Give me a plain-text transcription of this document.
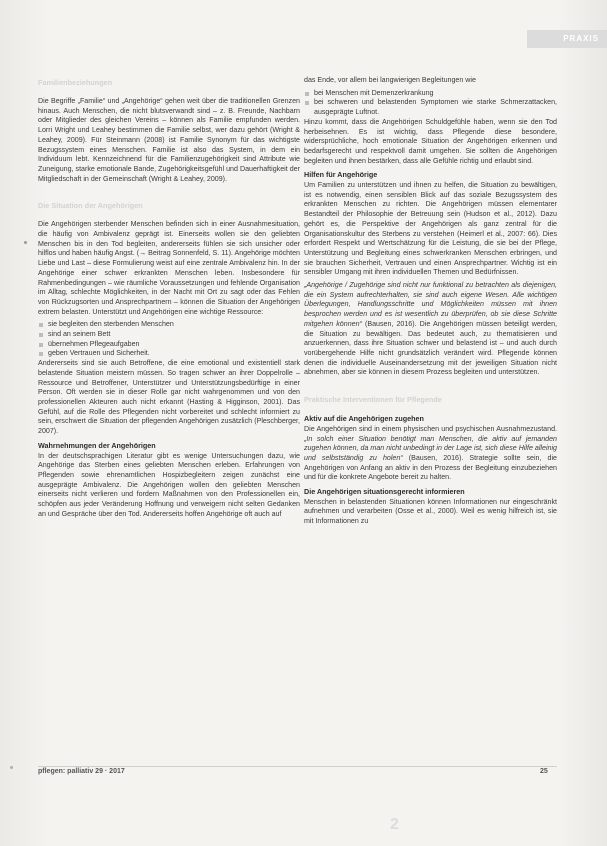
PRAXIS
Familienbeziehungen

Die Begriffe „Familie“ und „Angehörige“ gehen weit über die traditionellen Grenzen hinaus. Auch Menschen, die nicht blutsverwandt sind – z. B. Freunde, Nachbarn oder Mitglieder des gleichen Vereins – können als Familie empfunden werden. Lorri Wright und Leahey bestimmen die Familie selbst, wer dazu gehört (Wright & Leahey, 2009). Für Steinmann (2008) ist Familie Synonym für das wichtigste Bezugssystem eines Menschen. Familie ist also das System, in dem ein Individuum lebt. Kennzeichnend für die Familienzugehörigkeit sind Attribute wie Zuneigung, starke emotionale Bande, Zugehörigkeitsgefühl und Dauerhaftigkeit der Mitgliedschaft in der Gemeinschaft (Wright & Leahey, 2009).

Die Situation der Angehörigen

Die Angehörigen sterbender Menschen befinden sich in einer Ausnahmesituation, die häufig von Ambivalenz geprägt ist. Einerseits wollen sie den geliebten Menschen bis in den Tod begleiten, andererseits fühlen sie sich unsicher oder hilflos und haben häufig Angst. (→ Beitrag Sonnenfeld, S. 11). Angehörige möchten Liebe und Last – diese Formulierung weist auf eine zentrale Ambivalenz hin. In der Angehörige einer schwer erkrankten Menschen leben. Insbesondere für Rahmenbedingungen – wie räumliche Voraussetzungen und fehlende Organisation im Alltag, schlechte Möglichkeiten, in der Nacht mit Ort zu sagt oder das Fehlen von Rückzugsorten und Ansprechpartnern – können die Situation der Angehörigen extrem belasten. Unterstützt und Angehörigen eine wichtige Ressource:

sie begleiten den sterbenden Menschen
sind an seinem Bett
übernehmen Pflegeaufgaben
geben Vertrauen und Sicherheit.

Andererseits sind sie auch Betroffene, die eine emotional und existentiell stark belastende Situation meistern müssen. So tragen schwer an ihrer Doppelrolle – Ressource und Betroffener, Unterstützer und Unterstützungsbedürftige in einer Person. Oft werden sie in dieser Rolle gar nicht wahrgenommen und von den professionellen Akteuren auch nicht erkannt (Hasting & Higginson, 2001). Das Gefühl, auf die Rolle des Pflegenden nicht vorbereitet und schlecht informiert zu sein, erschwert die Situation der pflegenden Angehörigen zusätzlich (Pleschberger, 2007).

Wahrnehmungen der Angehörigen

In der deutschsprachigen Literatur gibt es wenige Untersuchungen dazu, wie Angehörige das Sterben eines geliebten Menschen erleben. Erfahrungen von Pflegenden sowie ehrenamtlichen Hospizbegleitern zeigen zunächst eine ausgeprägte Ambivalenz. Die Angehörigen wollen den geliebten Menschen einerseits nicht verlieren und fordern Maßnahmen von den Professionellen ein, schöpfen aus jeder Veränderung Hoffnung und verweigern nicht selten Gedanken an und Gespräche über den Tod. Andererseits hoffen Angehörige oft auch auf

das Ende, vor allem bei langwierigen Begleitungen wie

bei Menschen mit Demenzerkrankung
bei schweren und belastenden Symptomen wie starke Schmerzattacken, ausgeprägte Luftnot.

Hinzu kommt, dass die Angehörigen Schuldgefühle haben, wenn sie den Tod herbeisehnen. Es ist wichtig, dass Pflegende diese besondere, widersprüchliche, hoch emotionale Situation der Angehörigen erkennen und bedarfsgerecht und respektvoll damit umgehen. Sie sollten die Angehörigen begleiten und ihnen bestärken, dass alle Gefühle richtig und erlaubt sind.

Hilfen für Angehörige

Um Familien zu unterstützen und ihnen zu helfen, die Situation zu bewältigen, ist es notwendig, einen sensiblen Blick auf das soziale Bezugssystem des erkrankten Menschen zu richten. Die Angehörigen müssen elementarer Bestandteil der Philosophie der Betreuung sein (Hudson et al., 2012). Dazu gehört es, die Perspektive der Angehörigen als ganz zentral für die Organisationskultur des Sterbens zu verstehen (Heimerl et al., 2007: 66). Dies erfordert Respekt und Wertschätzung für die Leistung, die sie bei der Pflege, Unterstützung und Begleitung eines schwerkranken Menschen erbringen, und sie brauchen Sicherheit, Vertrauen und einen Ansprechpartner. Wichtig ist ein sensibler Umgang mit ihren individuellen Themen und Bedürfnissen.

„Angehörige / Zugehörige sind nicht nur funktional zu betrachten als diejenigen, die ein System aufrechterhalten, sie sind auch eigene Wesen. Alle wichtigen Überlegungen, Handlungsschritte und Möglichkeiten müssen mit ihnen besprochen werden und es ist wesentlich zu überprüfen, ob sie diese Schritte mitgehen können“ (Bausen, 2016). Die Angehörigen müssen beteiligt werden, die Situation zu bewältigen. Das bedeutet auch, zu thematisieren und anzuerkennen, dass ihre Situation schwer und belastend ist – und auch durch vorübergehende Hilfe nicht grundsätzlich verändert wird. Pflegende können denen die individuelle Auseinandersetzung mit der jeweiligen Situation nicht abnehmen, aber sie können in diesem Prozess begleiten und unterstützen.

Praktische Interventionen für Pflegende
Aktiv auf die Angehörigen zugehen

Die Angehörigen sind in einem physischen und psychischen Ausnahmezustand. „In solch einer Situation benötigt man Menschen, die aktiv auf jemanden zugehen können, da man nicht unbedingt in der Lage ist, sich diese Hilfe alleinig und selbstständig zu holen“ (Bausen, 2016). Strategie sollte sein, die Angehörigen von Anfang an aktiv in den Prozess der Begleitung einzubeziehen und für die konkrete Angebote bereit zu halten.

Die Angehörigen situationsgerecht informieren

Menschen in belastenden Situationen können Informationen nur eingeschränkt aufnehmen und verarbeiten (Osse et al., 2000). Weil es wenig hilfreich ist, sie mit Informationen zu

pflegen: palliativ 29 · 2017	25
2
